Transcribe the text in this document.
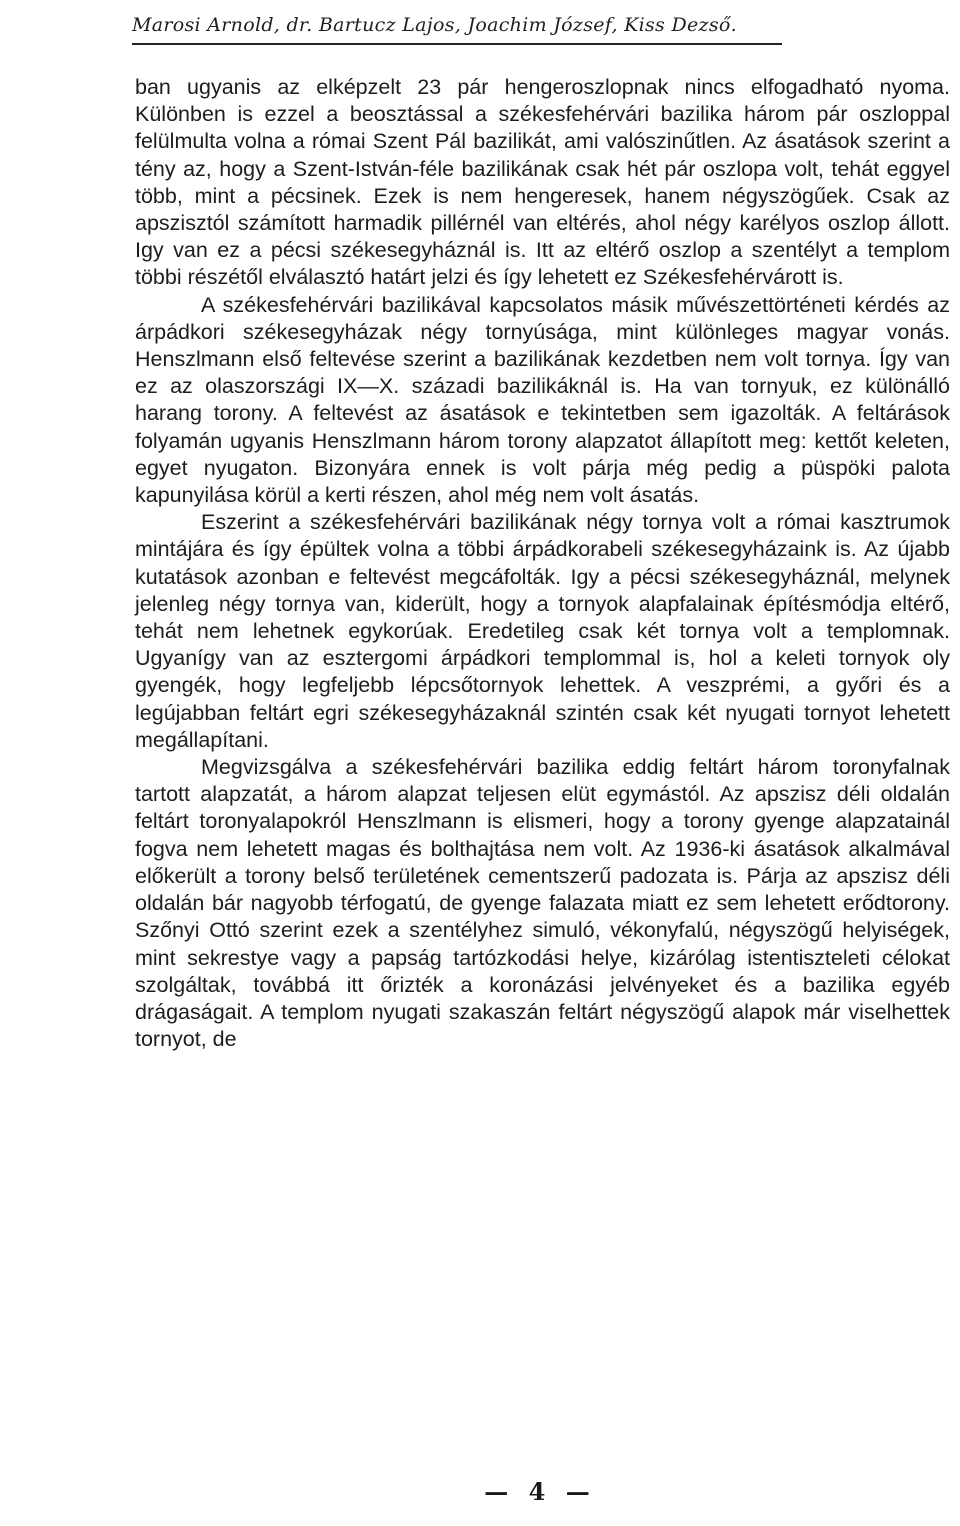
Marosi Arnold, dr. Bartucz Lajos, Joachim József, Kiss Dezső.

ban ugyanis az elképzelt 23 pár hengeroszlopnak nincs elfogadható nyoma. Különben is ezzel a beosztással a székesfehérvári bazilika három pár oszloppal felülmulta volna a római Szent Pál bazilikát, ami valószinűtlen. Az ásatások szerint a tény az, hogy a Szent-István-féle bazilikának csak hét pár oszlopa volt, tehát eggyel több, mint a pécsinek. Ezek is nem hengeresek, hanem négyszögűek. Csak az apszisztól számított harmadik pillérnél van eltérés, ahol négy karélyos oszlop állott. Igy van ez a pécsi székesegyháznál is. Itt az eltérő oszlop a szentélyt a templom többi részétől elválasztó határt jelzi és így lehetett ez Székesfehérvárott is.

A székesfehérvári bazilikával kapcsolatos másik művészettörténeti kérdés az árpádkori székesegyházak négy tornyúsága, mint különleges magyar vonás. Henszlmann első feltevése szerint a bazilikának kezdetben nem volt tornya. Így van ez az olaszországi IX—X. századi bazilikáknál is. Ha van tornyuk, ez különálló harang torony. A feltevést az ásatások e tekintetben sem igazolták. A feltárások folyamán ugyanis Henszlmann három torony alapzatot állapított meg: kettőt keleten, egyet nyugaton. Bizonyára ennek is volt párja még pedig a püspöki palota kapunyilása körül a kerti részen, ahol még nem volt ásatás.

Eszerint a székesfehérvári bazilikának négy tornya volt a római kasztrumok mintájára és így épültek volna a többi árpádkorabeli székesegyházaink is. Az újabb kutatások azonban e feltevést megcáfolták. Igy a pécsi székesegyháznál, melynek jelenleg négy tornya van, kiderült, hogy a tornyok alapfalainak építésmódja eltérő, tehát nem lehetnek egykorúak. Eredetileg csak két tornya volt a templomnak. Ugyanígy van az esztergomi árpádkori templommal is, hol a keleti tornyok oly gyengék, hogy legfeljebb lépcsőtornyok lehettek. A veszprémi, a győri és a legújabban feltárt egri székesegyházaknál szintén csak két nyugati tornyot lehetett megállapítani.

Megvizsgálva a székesfehérvári bazilika eddig feltárt három toronyfalnak tartott alapzatát, a három alapzat teljesen elüt egymástól. Az apszisz déli oldalán feltárt toronyalapokról Henszlmann is elismeri, hogy a torony gyenge alapzatainál fogva nem lehetett magas és bolthajtása nem volt. Az 1936-ki ásatások alkalmával előkerült a torony belső területének cementszerű padozata is. Párja az apszisz déli oldalán bár nagyobb térfogatú, de gyenge falazata miatt ez sem lehetett erődtorony. Szőnyi Ottó szerint ezek a szentélyhez simuló, vékonyfalú, négyszögű helyiségek, mint sekrestye vagy a papság tartózkodási helye, kizárólag istentiszteleti célokat szolgáltak, továbbá itt őrizték a koronázási jelvényeket és a bazilika egyéb drágaságait. A templom nyugati szakaszán feltárt négyszögű alapok már viselhettek tornyot, de

— 4 —
